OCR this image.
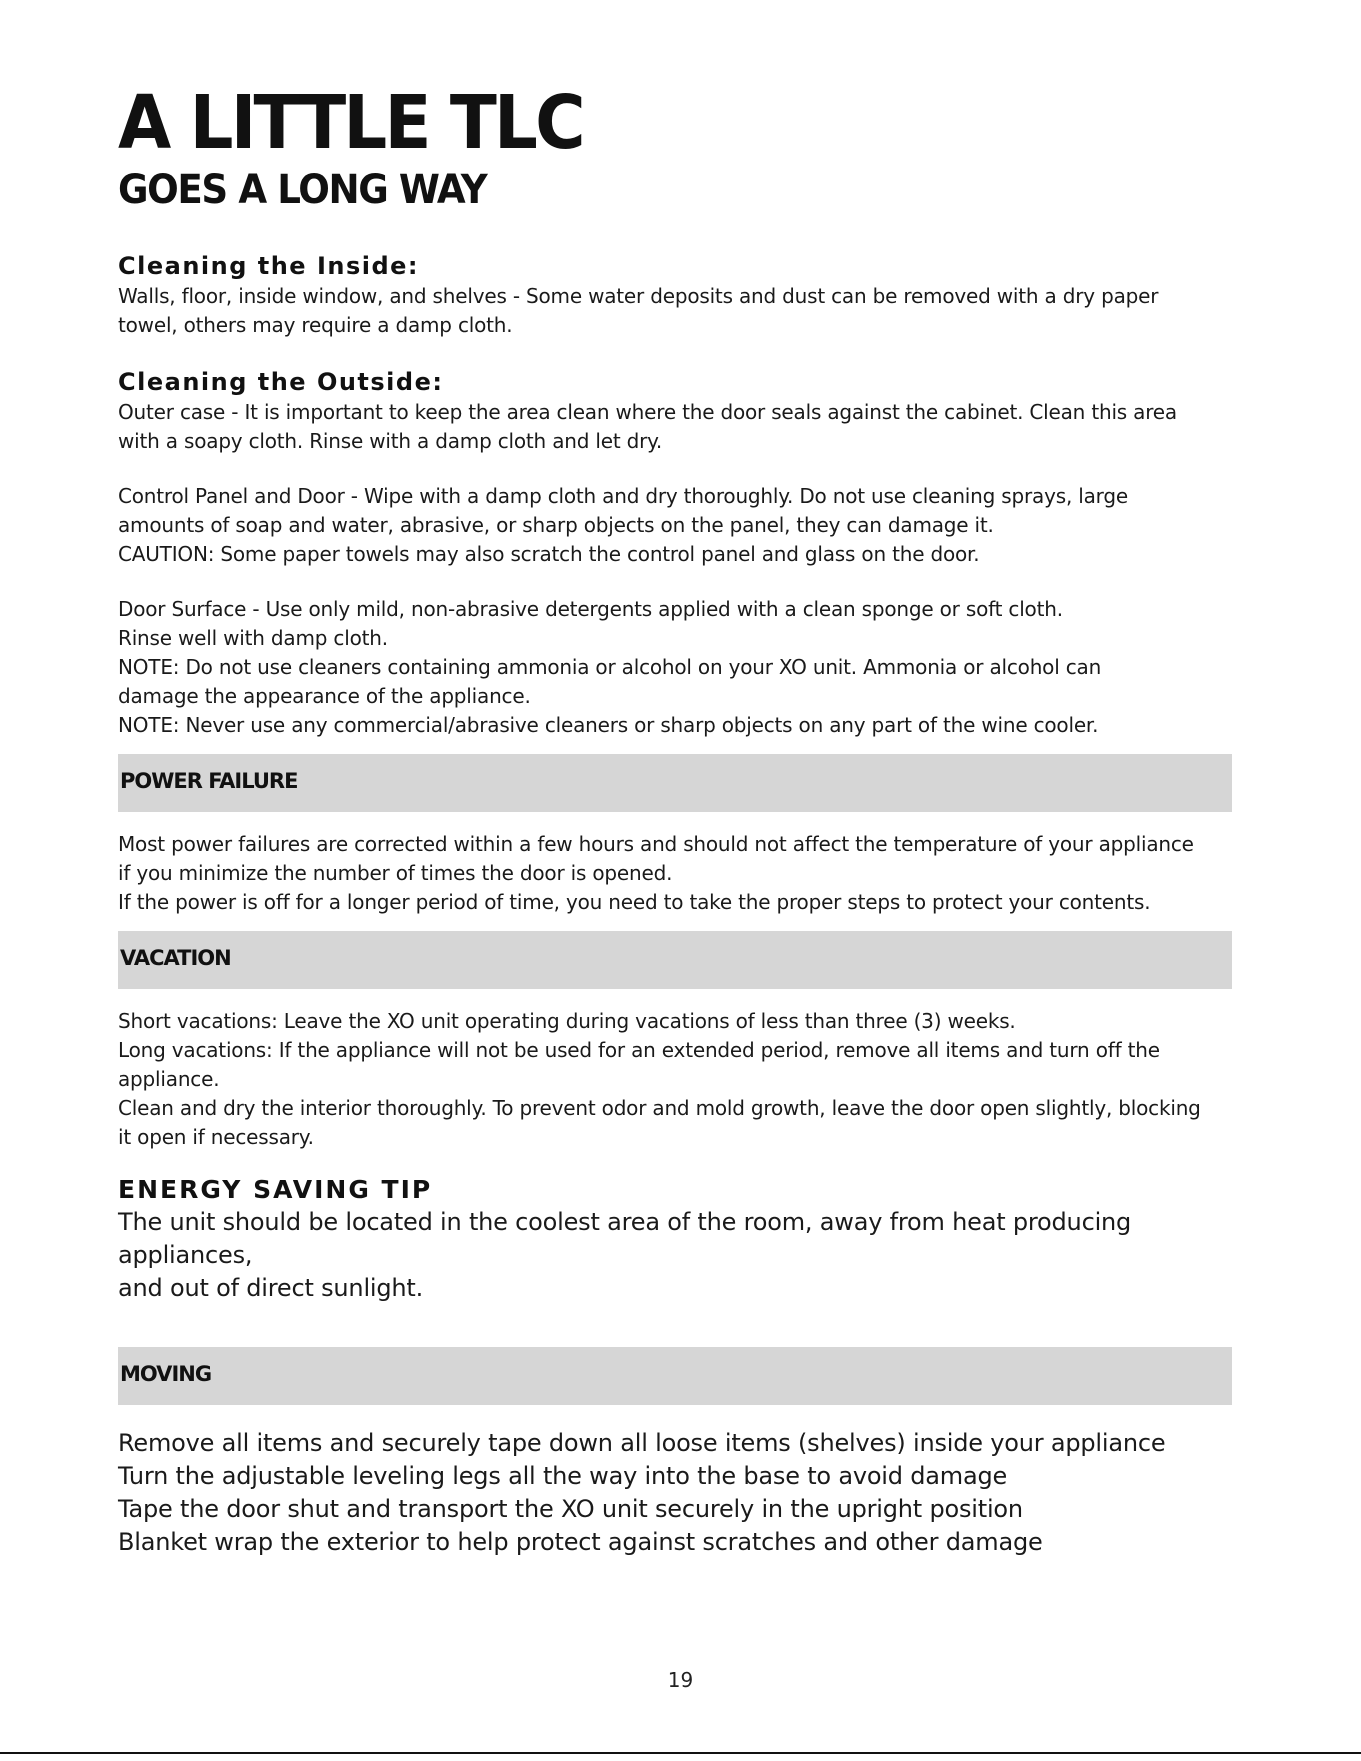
A LITTLE TLC
GOES A LONG WAY
Cleaning the Inside:

Walls, floor, inside window, and shelves - Some water deposits and dust can be removed with a dry paper

towel, others may require a damp cloth.

Cleaning the Outside:

Outer case - It is important to keep the area clean where the door seals against the cabinet. Clean this area

with a soapy cloth. Rinse with a damp cloth and let dry.

Control Panel and Door - Wipe with a damp cloth and dry thoroughly. Do not use cleaning sprays, large

amounts of soap and water, abrasive, or sharp objects on the panel, they can damage it.

CAUTION: Some paper towels may also scratch the control panel and glass on the door.

Door Surface - Use only mild, non-abrasive detergents applied with a clean sponge or soft cloth.

Rinse well with damp cloth.

NOTE: Do not use cleaners containing ammonia or alcohol on your XO unit. Ammonia or alcohol can

damage the appearance of the appliance.

NOTE: Never use any commercial/abrasive cleaners or sharp objects on any part of the wine cooler.

POWER FAILURE

Most power failures are corrected within a few hours and should not affect the temperature of your appliance

if you minimize the number of times the door is opened.

If the power is off for a longer period of time, you need to take the proper steps to protect your contents.

VACATION

Short vacations: Leave the XO unit operating during vacations of less than three (3) weeks.

Long vacations: If the appliance will not be used for an extended period, remove all items and turn off the

appliance.

Clean and dry the interior thoroughly. To prevent odor and mold growth, leave the door open slightly, blocking

it open if necessary.

ENERGY SAVING TIP

The unit should be located in the coolest area of the room, away from heat producing appliances,

and out of direct sunlight.

MOVING

Remove all items and securely tape down all loose items (shelves) inside your appliance

Turn the adjustable leveling legs all the way into the base to avoid damage

Tape the door shut and transport the XO unit securely in the upright position

Blanket wrap the exterior to help protect against scratches and other damage

19
